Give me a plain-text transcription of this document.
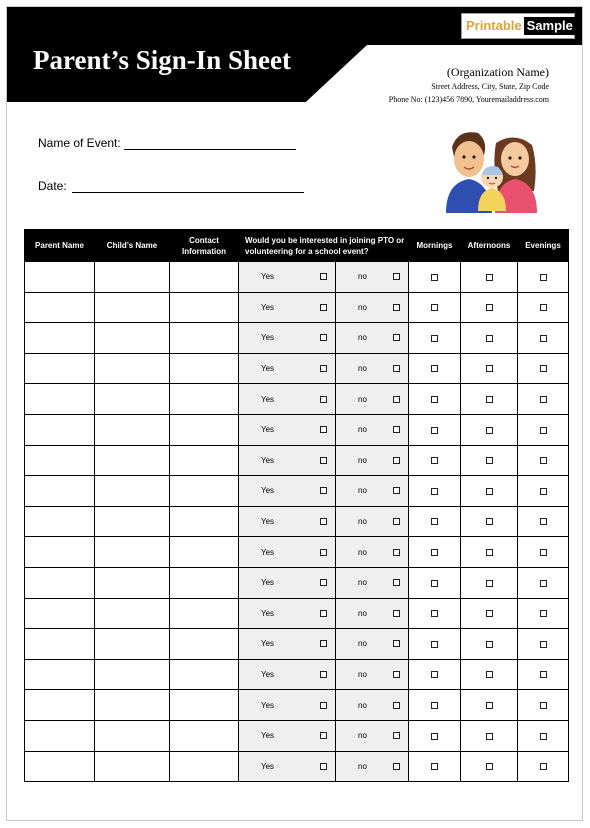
Parent’s Sign-In Sheet
Printable Sample
(Organization Name)
Street Address, City, State, Zip Code
Phone No: (123)456 7890, Youremailaddress.com
Name of Event:
Date:
Parent Name	Child’s Name	Contact Information	Would you be interested in joining PTO or volunteering for a school event?		Mornings	Afternoons	Evenings

			Yes	no			

			Yes	no			

			Yes	no			

			Yes	no			

			Yes	no			

			Yes	no			

			Yes	no			

			Yes	no			

			Yes	no			

			Yes	no			

			Yes	no			

			Yes	no			

			Yes	no			

			Yes	no			

			Yes	no			

			Yes	no			

			Yes	no			
